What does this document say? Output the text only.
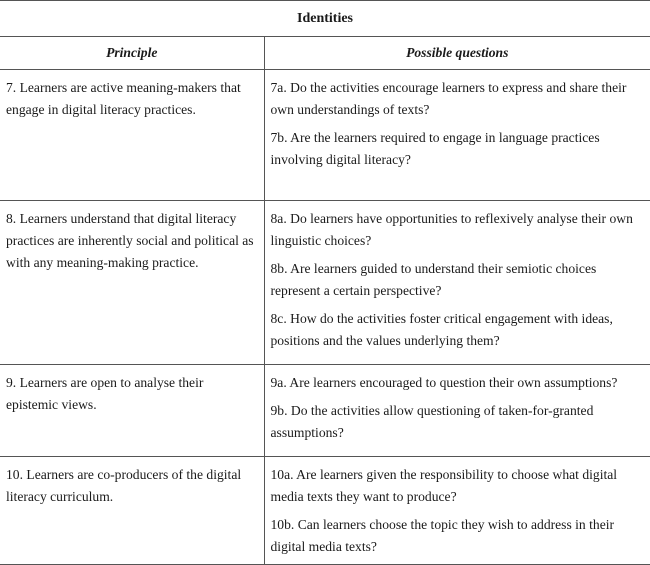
Identities	
Principle	Possible questions
7. Learners are active meaning-makers that engage in digital literacy practices.	7a. Do the activities encourage learners to express and share their own understandings of texts?
7b. Are the learners required to engage in language practices involving digital literacy?

8. Learners understand that digital literacy practices are inherently social and political as with any meaning-making practice.	8a. Do learners have opportunities to reflexively analyse their own linguistic choices?
8b. Are learners guided to understand their semiotic choices represent a certain perspective?
8c. How do the activities foster critical engagement with ideas, positions and the values underlying them?

9. Learners are open to analyse their epistemic views.	9a. Are learners encouraged to question their own assumptions?
9b. Do the activities allow questioning of taken-for-granted assumptions?

10. Learners are co-producers of the digital literacy curriculum.	10a. Are learners given the responsibility to choose what digital media texts they want to produce?
10b. Can learners choose the topic they wish to address in their digital media texts?
